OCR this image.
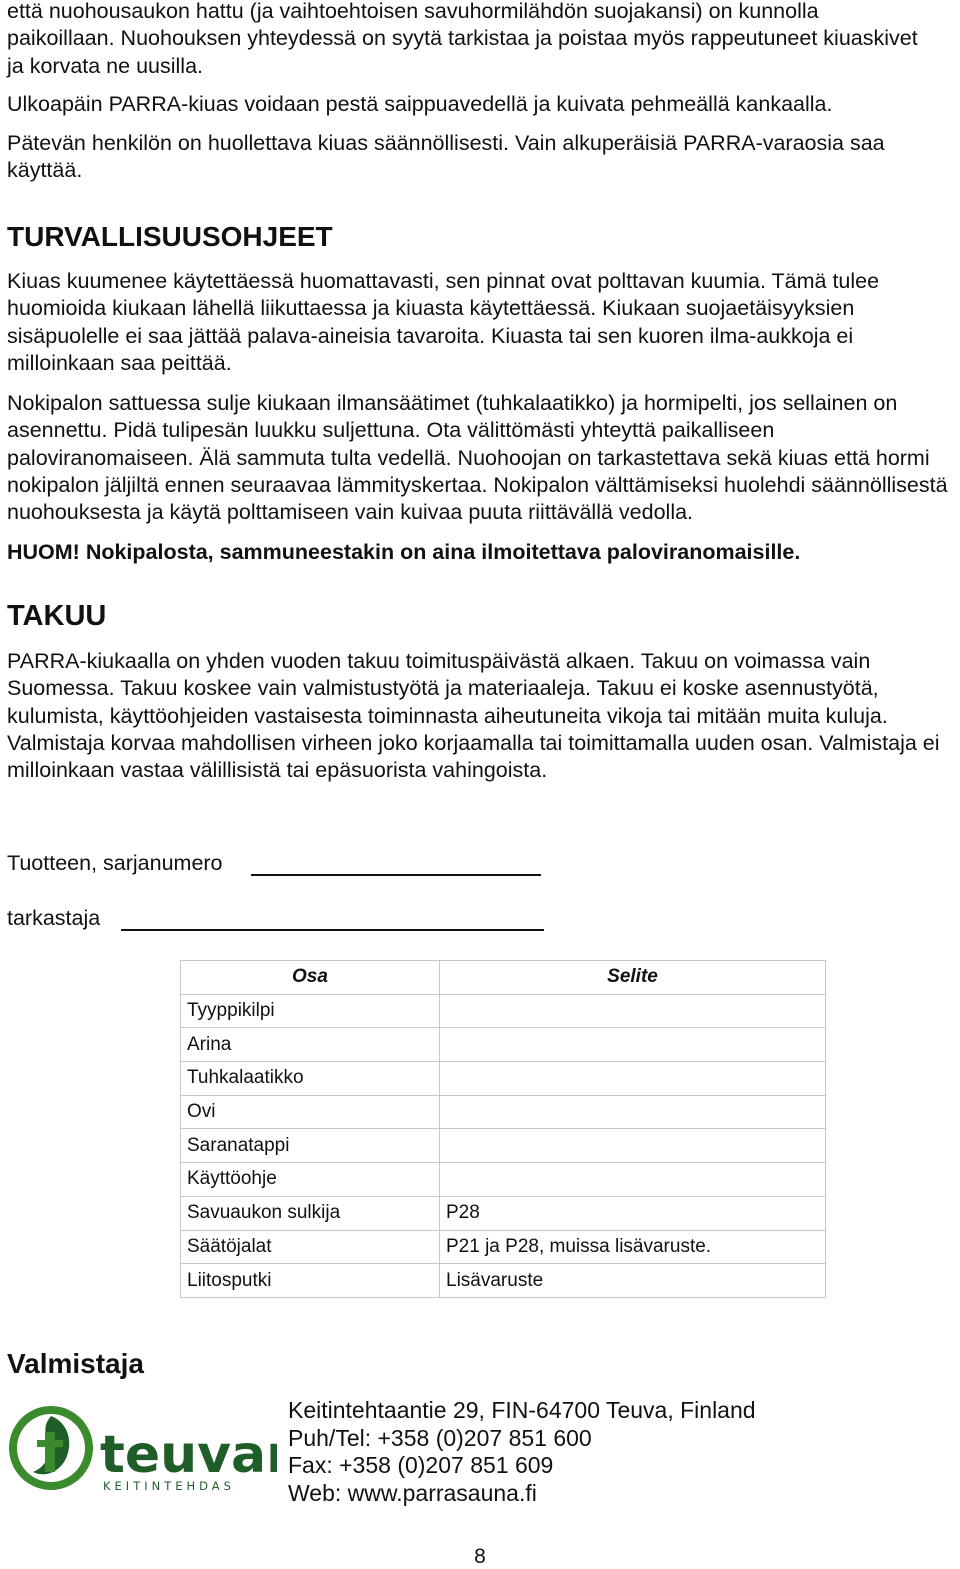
että nuohousaukon hattu (ja vaihtoehtoisen savuhormilähdön suojakansi) on kunnolla paikoillaan. Nuohouksen yhteydessä on syytä tarkistaa ja poistaa myös rappeutuneet kiuaskivet ja korvata ne uusilla.

Ulkoapäin PARRA-kiuas voidaan pestä saippuavedellä ja kuivata pehmeällä kankaalla.

Pätevän henkilön on huollettava kiuas säännöllisesti. Vain alkuperäisiä PARRA-varaosia saa käyttää.

TURVALLISUUSOHJEET

Kiuas kuumenee käytettäessä huomattavasti, sen pinnat ovat polttavan kuumia. Tämä tulee huomioida kiukaan lähellä liikuttaessa ja kiuasta käytettäessä. Kiukaan suojaetäisyyksien sisäpuolelle ei saa jättää palava-aineisia tavaroita. Kiuasta tai sen kuoren ilma-aukkoja ei milloinkaan saa peittää.

Nokipalon sattuessa sulje kiukaan ilmansäätimet (tuhkalaatikko) ja hormipelti, jos sellainen on asennettu. Pidä tulipesän luukku suljettuna. Ota välittömästi yhteyttä paikalliseen paloviranomaiseen. Älä sammuta tulta vedellä. Nuohoojan on tarkastettava sekä kiuas että hormi nokipalon jäljiltä ennen seuraavaa lämmityskertaa. Nokipalon välttämiseksi huolehdi säännöllisestä nuohouksesta ja käytä polttamiseen vain kuivaa puuta riittävällä vedolla.

HUOM! Nokipalosta, sammuneestakin on aina ilmoitettava paloviranomaisille.

TAKUU

PARRA-kiukaalla on yhden vuoden takuu toimituspäivästä alkaen. Takuu on voimassa vain Suomessa. Takuu koskee vain valmistustyötä ja materiaaleja. Takuu ei koske asennustyötä, kulumista, käyttöohjeiden vastaisesta toiminnasta aiheutuneita vikoja tai mitään muita kuluja. Valmistaja korvaa mahdollisen virheen joko korjaamalla tai toimittamalla uuden osan. Valmistaja ei milloinkaan vastaa välillisistä tai epäsuorista vahingoista.

Tuotteen, sarjanumero
tarkastaja
Osa	Selite
Tyyppikilpi	
Arina	
Tuhkalaatikko	
Ovi	
Saranatappi	
Käyttöohje	
Savuaukon sulkija	P28
Säätöjalat	P21 ja P28, muissa lisävaruste.
Liitosputki	Lisävaruste
Valmistaja
teuva
KEITINTEHDAS
Keitintehtaantie 29, FIN-64700 Teuva, Finland
Puh/Tel: +358 (0)207 851 600
Fax: +358 (0)207 851 609
Web: www.parrasauna.fi
8
